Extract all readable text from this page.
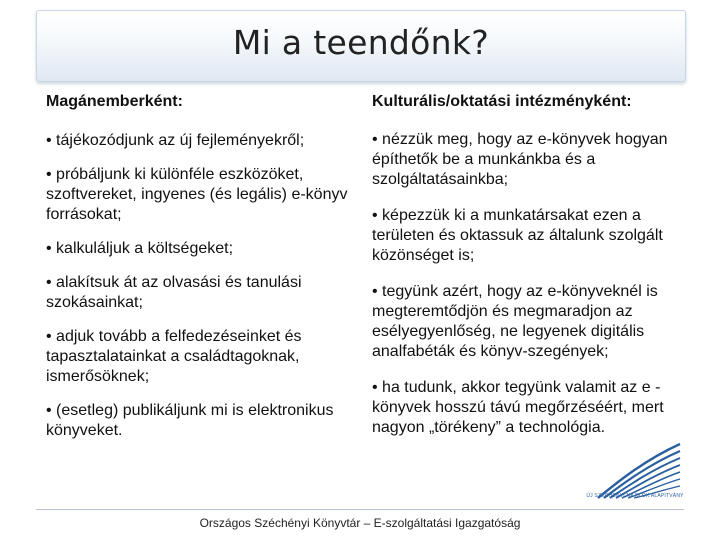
Mi a teendőnk?

Magánemberként:

• tájékozódjunk az új fejleményekről;

• próbáljunk ki különféle eszközöket, szoftvereket, ingyenes (és legális) e-könyv forrásokat;

• kalkuláljuk a költségeket;

• alakítsuk át az olvasási és tanulási szokásainkat;

• adjuk tovább a felfedezéseinket és tapasztalatainkat a családtagoknak, ismerősöknek;

• (esetleg) publikáljunk mi is elektronikus könyveket.

Kulturális/oktatási intézményként:

• nézzük meg, hogy az e-könyvek hogyan építhetők be a munkánkba és a szolgáltatásainkba;

• képezzük ki a munkatársakat ezen a területen és oktassuk az általunk szolgált közönséget is;

• tegyünk azért, hogy az e-könyveknél is megteremtődjön és megmaradjon az esélyegyenlőség, ne legyenek digitális analfabéták és könyv-szegények;

• ha tudunk, akkor tegyünk valamit az e -könyvek hosszú távú megőrzéséért, mert nagyon „törékeny” a technológia.

ÚJ SZÉCHENYI NA DLOK ALAPÍTVÁNY
Országos Széchényi Könyvtár – E-szolgáltatási Igazgatóság
